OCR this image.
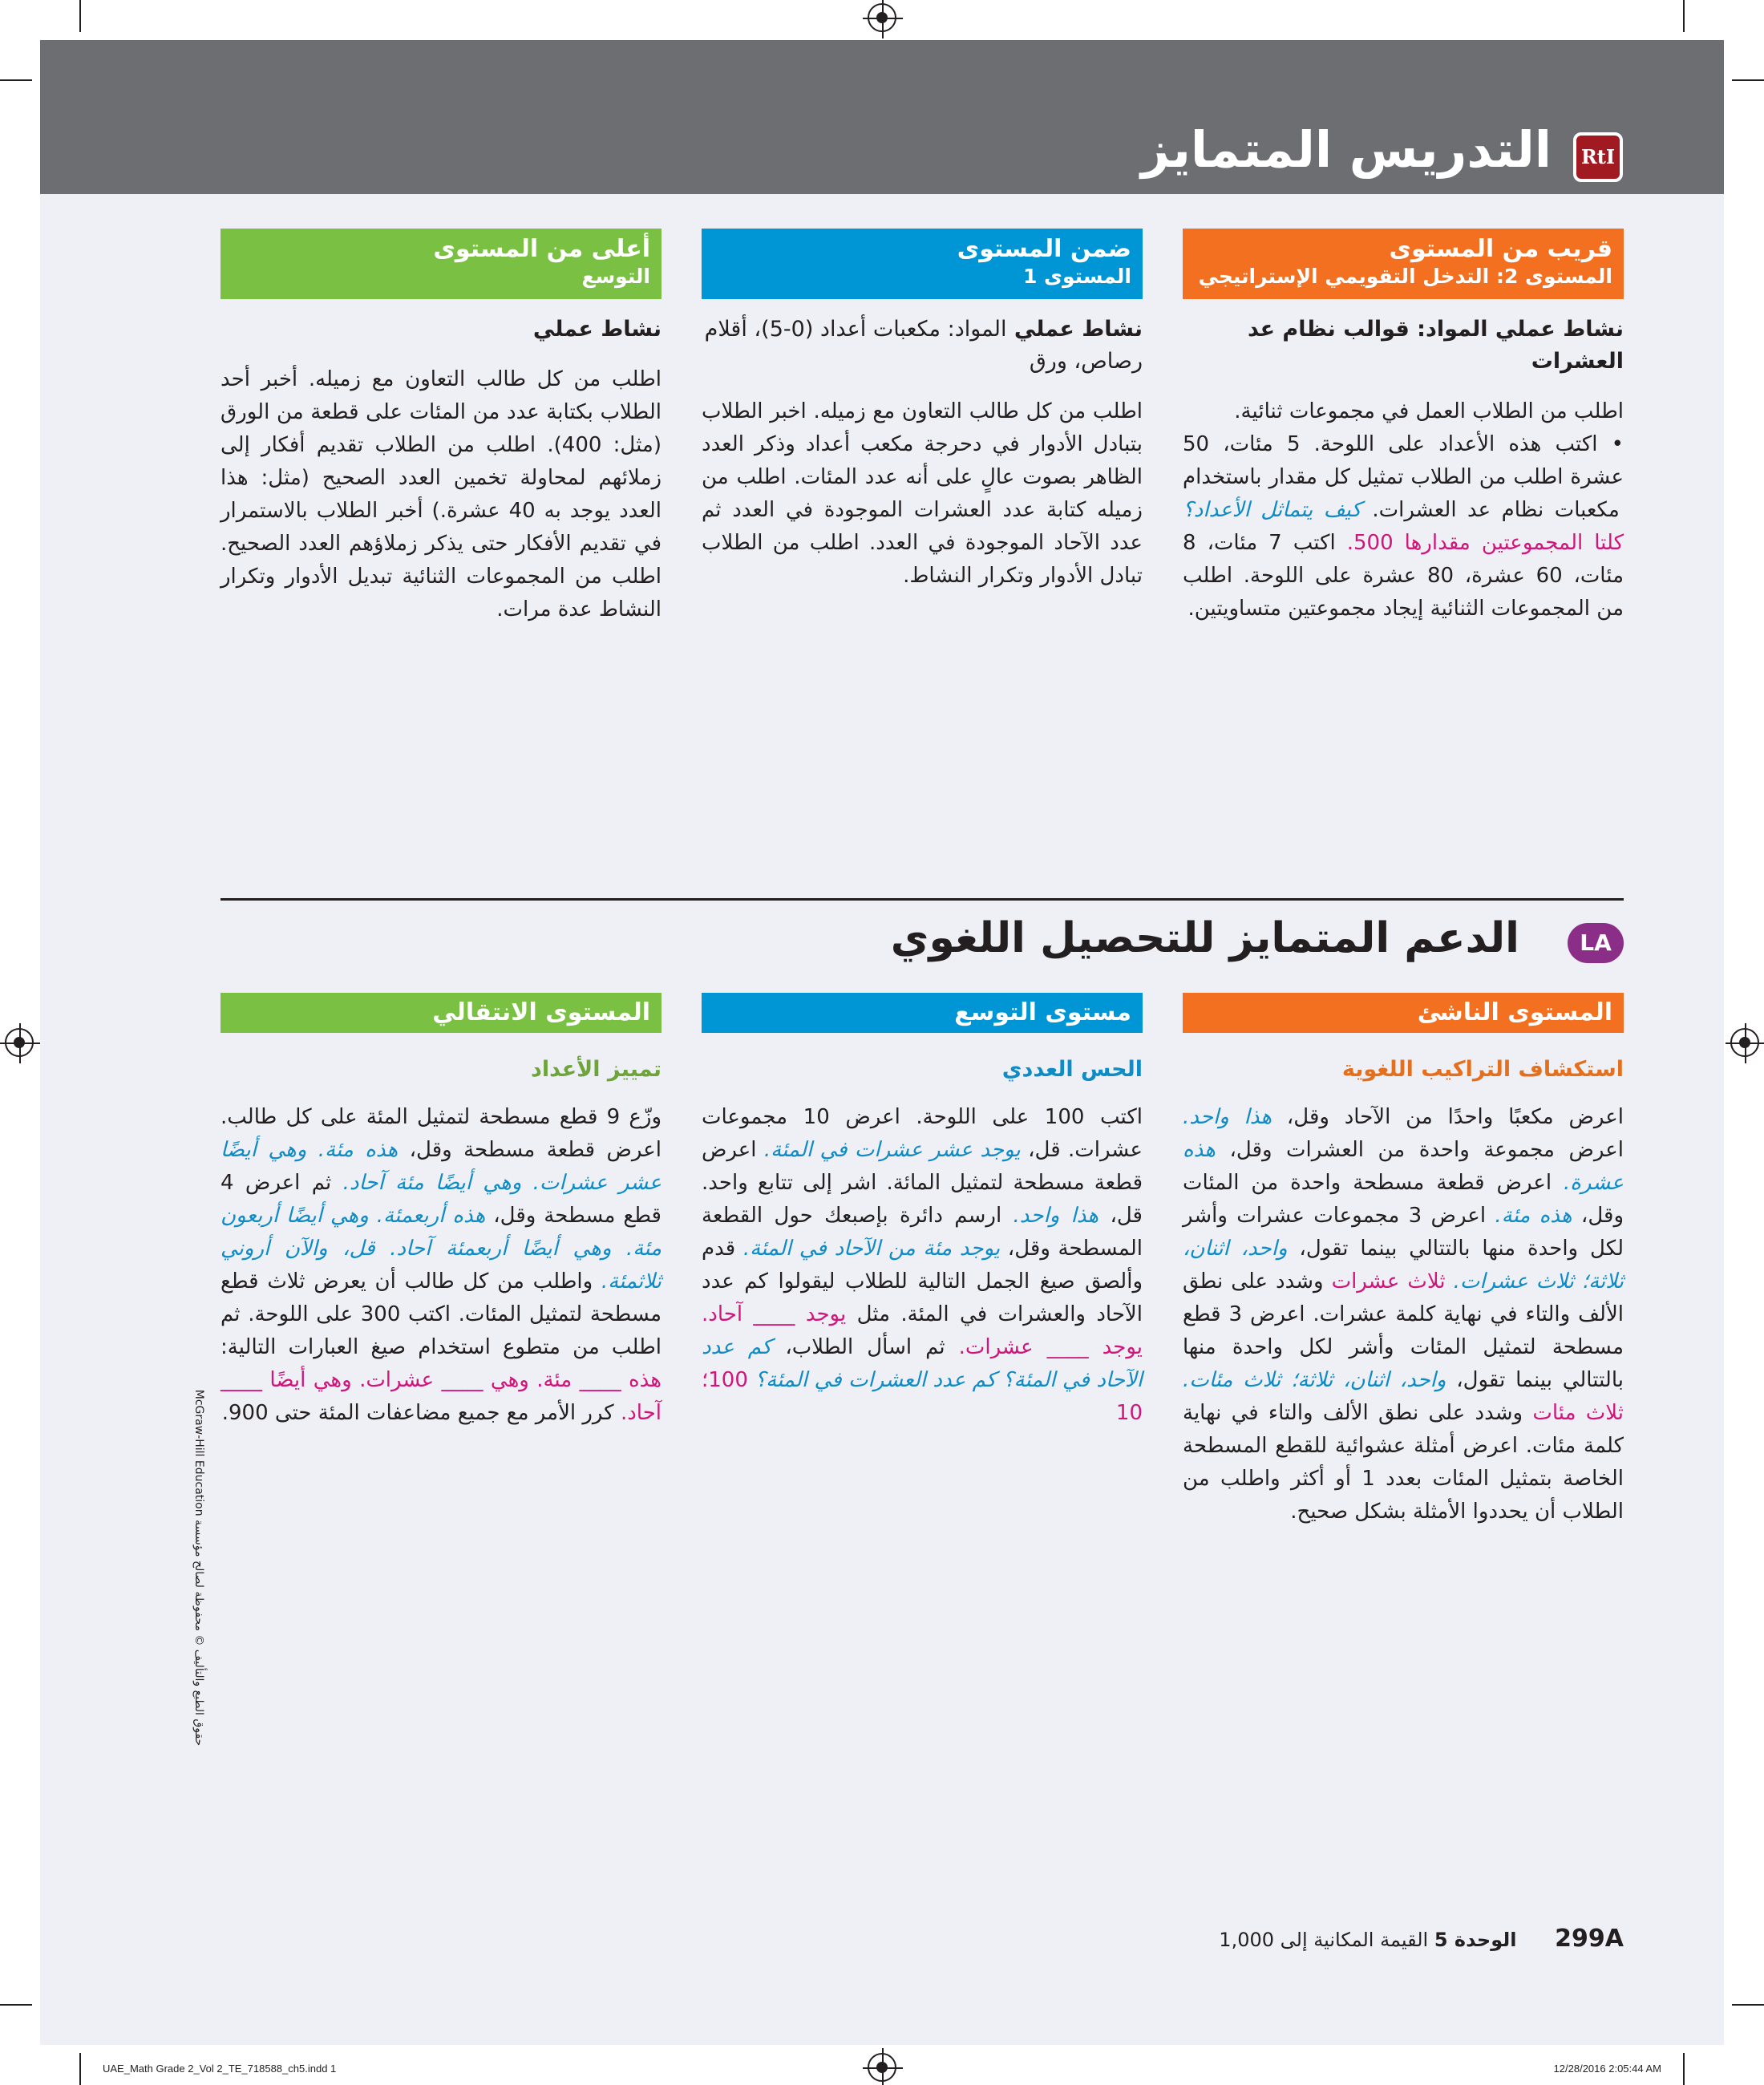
التدريس المتمايز	RtI
قريب من المستوى
المستوى 2: التدخل التقويمي الإستراتيجي
نشاط عملي المواد: قوالب نظام عد العشرات
اطلب من الطلاب العمل في مجموعات ثنائية.
• اكتب هذه الأعداد على اللوحة. 5 مئات، 50 عشرة اطلب من الطلاب تمثيل كل مقدار باستخدام مكعبات نظام عد العشرات. كيف يتماثل الأعداد؟ كلتا المجموعتين مقدارها 500. اكتب 7 مئات، 8 مئات، 60 عشرة، 80 عشرة على اللوحة. اطلب من المجموعات الثنائية إيجاد مجموعتين متساويتين.
ضمن المستوى
المستوى 1
نشاط عملي المواد: مكعبات أعداد (0-5)، أقلام رصاص، ورق
اطلب من كل طالب التعاون مع زميله. اخبر الطلاب بتبادل الأدوار في دحرجة مكعب أعداد وذكر العدد الظاهر بصوت عالٍ على أنه عدد المئات. اطلب من زميله كتابة عدد العشرات الموجودة في العدد ثم عدد الآحاد الموجودة في العدد. اطلب من الطلاب تبادل الأدوار وتكرار النشاط.
أعلى من المستوى
التوسع
نشاط عملي
اطلب من كل طالب التعاون مع زميله. أخبر أحد الطلاب بكتابة عدد من المئات على قطعة من الورق (مثل: 400). اطلب من الطلاب تقديم أفكار إلى زملائهم لمحاولة تخمين العدد الصحيح (مثل: هذا العدد يوجد به 40 عشرة.) أخبر الطلاب بالاستمرار في تقديم الأفكار حتى يذكر زملاؤهم العدد الصحيح. اطلب من المجموعات الثنائية تبديل الأدوار وتكرار النشاط عدة مرات.
الدعم المتمايز للتحصيل اللغوي	LA
المستوى الناشئ
استكشاف التراكيب اللغوية
اعرض مكعبًا واحدًا من الآحاد وقل، هذا واحد. اعرض مجموعة واحدة من العشرات وقل، هذه عشرة. اعرض قطعة مسطحة واحدة من المئات وقل، هذه مئة. اعرض 3 مجموعات عشرات وأشر لكل واحدة منها بالتتالي بينما تقول، واحد، اثنان، ثلاثة؛ ثلاث عشرات. ثلاث عشرات وشدد على نطق الألف والتاء في نهاية كلمة عشرات. اعرض 3 قطع مسطحة لتمثيل المئات وأشر لكل واحدة منها بالتتالي بينما تقول، واحد، اثنان، ثلاثة؛ ثلاث مئات. ثلاث مئات وشدد على نطق الألف والتاء في نهاية كلمة مئات. اعرض أمثلة عشوائية للقطع المسطحة الخاصة بتمثيل المئات بعدد 1 أو أكثر واطلب من الطلاب أن يحددوا الأمثلة بشكل صحيح.
مستوى التوسع
الحس العددي
اكتب 100 على اللوحة. اعرض 10 مجموعات عشرات. قل، يوجد عشر عشرات في المئة. اعرض قطعة مسطحة لتمثيل المائة. اشر إلى تتابع واحد. قل، هذا واحد. ارسم دائرة بإصبعك حول القطعة المسطحة وقل، يوجد مئة من الآحاد في المئة. قدم وألصق صيغ الجمل التالية للطلاب ليقولوا كم عدد الآحاد والعشرات في المئة. مثل يوجد ____ آحاد. يوجد ____ عشرات. ثم اسأل الطلاب، كم عدد الآحاد في المئة؟ كم عدد العشرات في المئة؟ 100؛ 10
المستوى الانتقالي
تمييز الأعداد
وزّع 9 قطع مسطحة لتمثيل المئة على كل طالب. اعرض قطعة مسطحة وقل، هذه مئة. وهي أيضًا عشر عشرات. وهي أيضًا مئة آحاد. ثم اعرض 4 قطع مسطحة وقل، هذه أربعمئة. وهي أيضًا أربعون مئة. وهي أيضًا أربعمئة آحاد. قل، والآن أروني ثلاثمئة. واطلب من كل طالب أن يعرض ثلاث قطع مسطحة لتمثيل المئات. اكتب 300 على اللوحة. ثم اطلب من متطوع استخدام صيغ العبارات التالية: هذه ____ مئة. وهي ____ عشرات. وهي أيضًا ____ آحاد. كرر الأمر مع جميع مضاعفات المئة حتى 900.
حقوق الطبع والتأليف © محفوظة لصالح مؤسسة McGraw-Hill Education
299A الوحدة 5 القيمة المكانية إلى 1,000
UAE_Math Grade 2_Vol 2_TE_718588_ch5.indd 1	12/28/2016 2:05:44 AM
